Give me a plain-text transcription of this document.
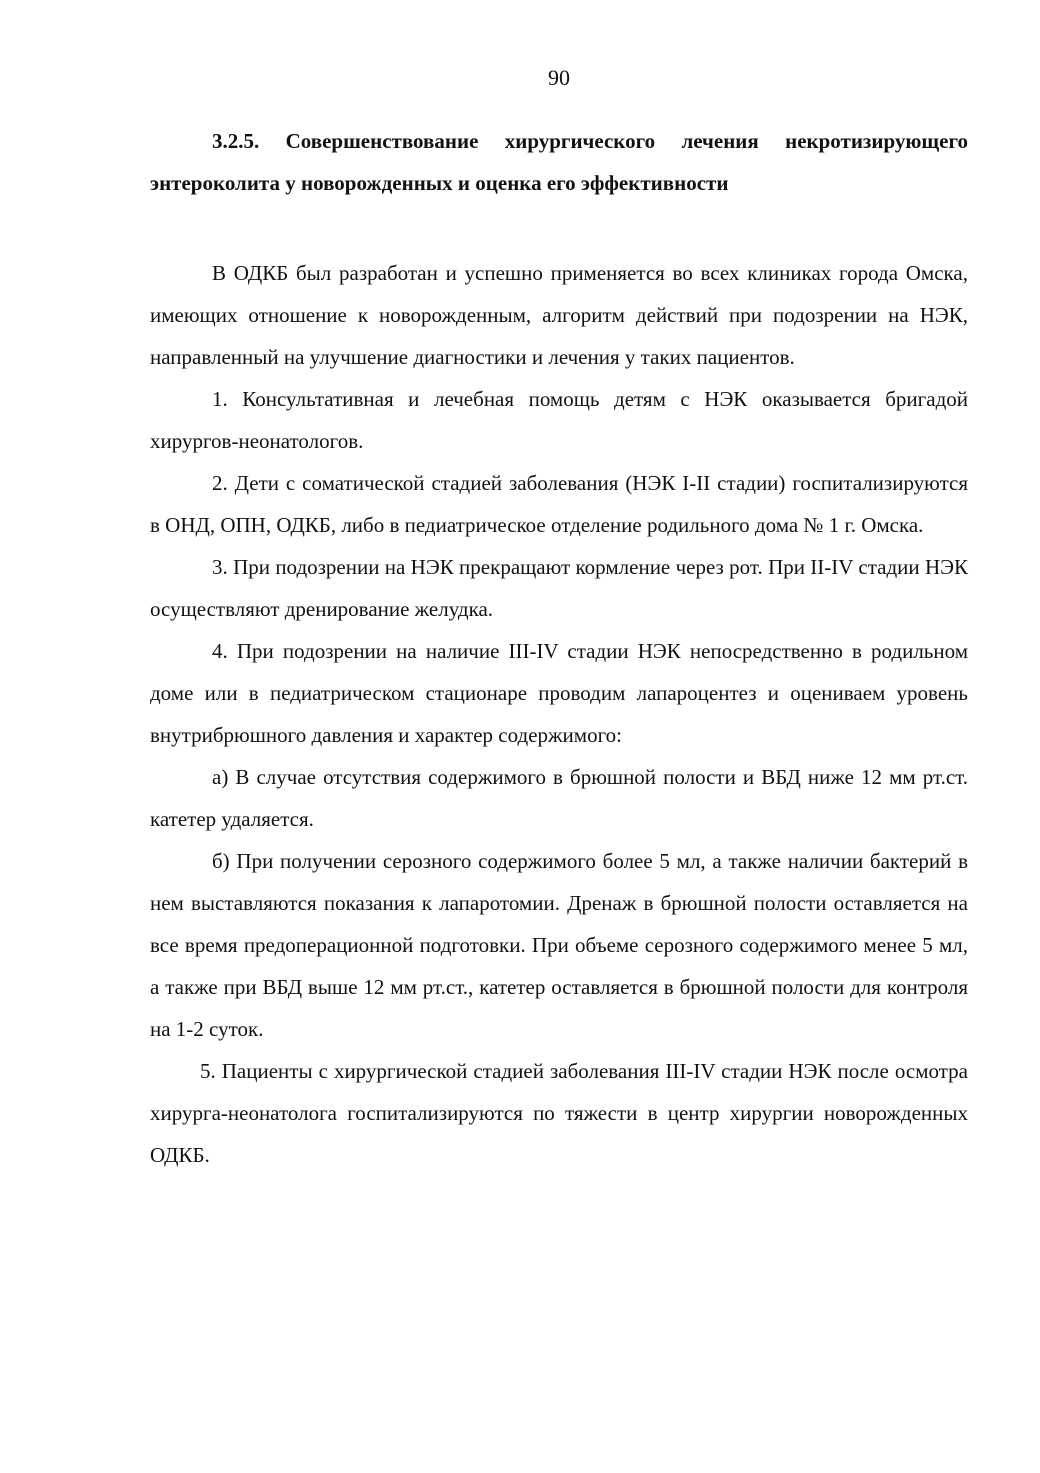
90

3.2.5. Совершенствование хирургического лечения некротизирующего энтероколита у новорожденных и оценка его эффективности

В ОДКБ был разработан и успешно применяется во всех клиниках города Омска, имеющих отношение к новорожденным, алгоритм действий при подозрении на НЭК, направленный на улучшение диагностики и лечения у таких пациентов.

1. Консультативная и лечебная помощь детям с НЭК оказывается бригадой хирургов-неонатологов.

2. Дети с соматической стадией заболевания (НЭК I-II стадии) госпитализируются в ОНД, ОПН, ОДКБ, либо в педиатрическое отделение родильного дома № 1 г. Омска.

3. При подозрении на НЭК прекращают кормление через рот. При II-IV стадии НЭК осуществляют дренирование желудка.

4. При подозрении на наличие III-IV стадии НЭК непосредственно в родильном доме или в педиатрическом стационаре проводим лапароцентез и оцениваем уровень внутрибрюшного давления и характер содержимого:

а) В случае отсутствия содержимого в брюшной полости и ВБД ниже 12 мм рт.ст. катетер удаляется.

б) При получении серозного содержимого более 5 мл, а также наличии бактерий в нем выставляются показания к лапаротомии. Дренаж в брюшной полости оставляется на все время предоперационной подготовки. При объеме серозного содержимого менее 5 мл, а также при ВБД выше 12 мм рт.ст., катетер оставляется в брюшной полости для контроля на 1-2 суток.

5. Пациенты с хирургической стадией заболевания III-IV стадии НЭК после осмотра хирурга-неонатолога госпитализируются по тяжести в центр хирургии новорожденных ОДКБ.
